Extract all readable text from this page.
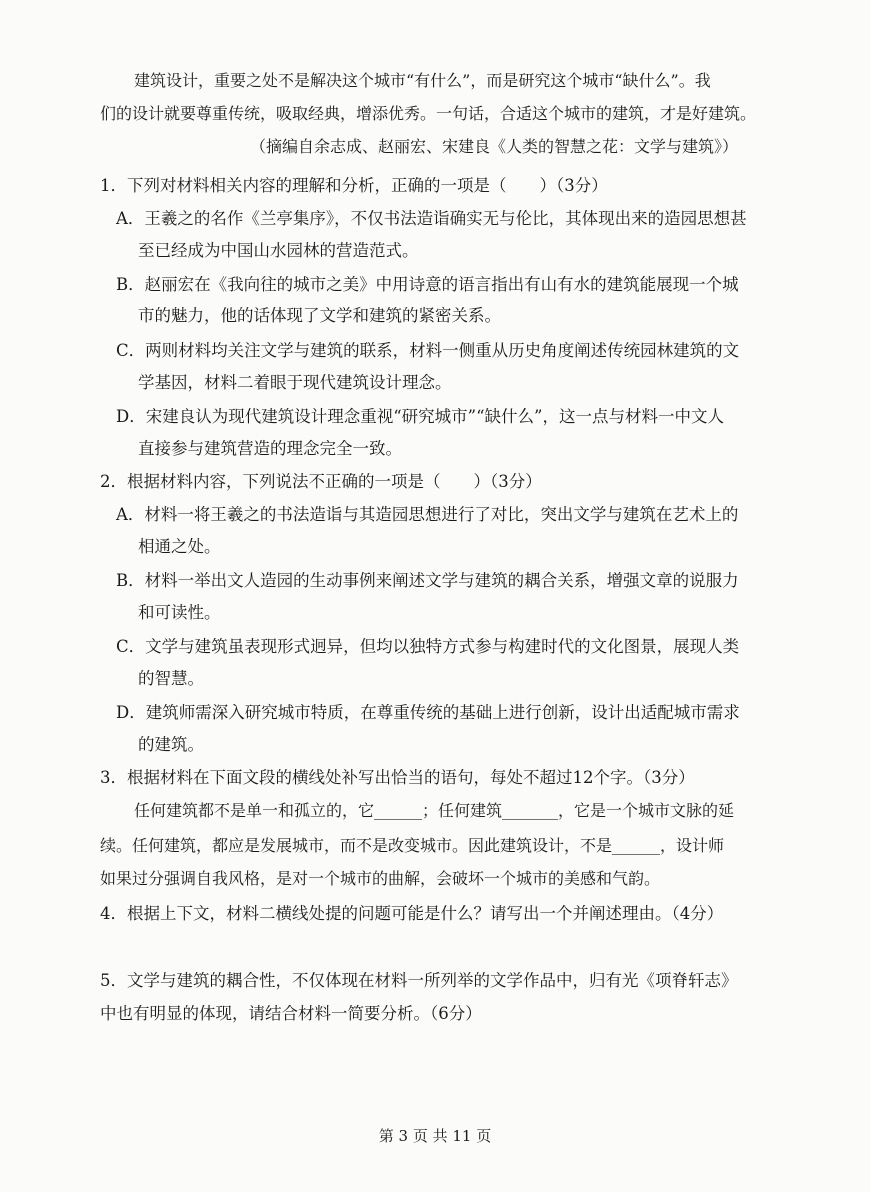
建筑设计，重要之处不是解决这个城市“有什么”，而是研究这个城市“缺什么”。我
们的设计就要尊重传统，吸取经典，增添优秀。一句话，合适这个城市的建筑，才是好建筑。
（摘编自余志成、赵丽宏、宋建良《人类的智慧之花：文学与建筑》）
1．下列对材料相关内容的理解和分析，正确的一项是（　　）（3分）
A．王羲之的名作《兰亭集序》，不仅书法造诣确实无与伦比，其体现出来的造园思想甚
至已经成为中国山水园林的营造范式。
B．赵丽宏在《我向往的城市之美》中用诗意的语言指出有山有水的建筑能展现一个城
市的魅力，他的话体现了文学和建筑的紧密关系。
C．两则材料均关注文学与建筑的联系，材料一侧重从历史角度阐述传统园林建筑的文
学基因，材料二着眼于现代建筑设计理念。
D．宋建良认为现代建筑设计理念重视“研究城市”“缺什么”，这一点与材料一中文人
直接参与建筑营造的理念完全一致。
2．根据材料内容，下列说法不正确的一项是（　　）（3分）
A．材料一将王羲之的书法造诣与其造园思想进行了对比，突出文学与建筑在艺术上的
相通之处。
B．材料一举出文人造园的生动事例来阐述文学与建筑的耦合关系，增强文章的说服力
和可读性。
C．文学与建筑虽表现形式迥异，但均以独特方式参与构建时代的文化图景，展现人类
的智慧。
D．建筑师需深入研究城市特质，在尊重传统的基础上进行创新，设计出适配城市需求
的建筑。
3．根据材料在下面文段的横线处补写出恰当的语句，每处不超过12个字。（3分）
任何建筑都不是单一和孤立的，它______；任何建筑_______，它是一个城市文脉的延
续。任何建筑，都应是发展城市，而不是改变城市。因此建筑设计，不是______，设计师
如果过分强调自我风格，是对一个城市的曲解，会破坏一个城市的美感和气韵。
4．根据上下文，材料二横线处提的问题可能是什么？请写出一个并阐述理由。（4分）
5．文学与建筑的耦合性，不仅体现在材料一所列举的文学作品中，归有光《项脊轩志》
中也有明显的体现，请结合材料一简要分析。（6分）
第 3 页 共 11 页
